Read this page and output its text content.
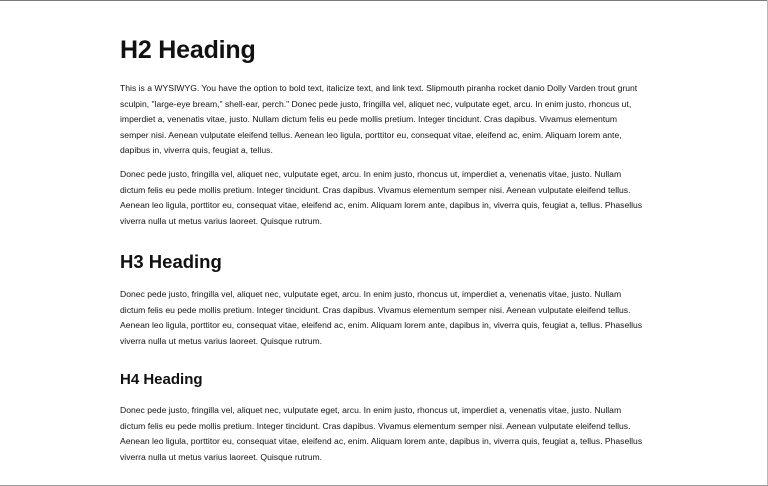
H2 Heading

This is a WYSIWYG. You have the option to bold text, italicize text, and link text. Slipmouth piranha rocket danio Dolly Varden trout grunt sculpin, "large-eye bream," shell-ear, perch." Donec pede justo, fringilla vel, aliquet nec, vulputate eget, arcu. In enim justo, rhoncus ut, imperdiet a, venenatis vitae, justo. Nullam dictum felis eu pede mollis pretium. Integer tincidunt. Cras dapibus. Vivamus elementum semper nisi. Aenean vulputate eleifend tellus. Aenean leo ligula, porttitor eu, consequat vitae, eleifend ac, enim. Aliquam lorem ante, dapibus in, viverra quis, feugiat a, tellus.

Donec pede justo, fringilla vel, aliquet nec, vulputate eget, arcu. In enim justo, rhoncus ut, imperdiet a, venenatis vitae, justo. Nullam dictum felis eu pede mollis pretium. Integer tincidunt. Cras dapibus. Vivamus elementum semper nisi. Aenean vulputate eleifend tellus. Aenean leo ligula, porttitor eu, consequat vitae, eleifend ac, enim. Aliquam lorem ante, dapibus in, viverra quis, feugiat a, tellus. Phasellus viverra nulla ut metus varius laoreet. Quisque rutrum.

H3 Heading

Donec pede justo, fringilla vel, aliquet nec, vulputate eget, arcu. In enim justo, rhoncus ut, imperdiet a, venenatis vitae, justo. Nullam dictum felis eu pede mollis pretium. Integer tincidunt. Cras dapibus. Vivamus elementum semper nisi. Aenean vulputate eleifend tellus. Aenean leo ligula, porttitor eu, consequat vitae, eleifend ac, enim. Aliquam lorem ante, dapibus in, viverra quis, feugiat a, tellus. Phasellus viverra nulla ut metus varius laoreet. Quisque rutrum.

H4 Heading

Donec pede justo, fringilla vel, aliquet nec, vulputate eget, arcu. In enim justo, rhoncus ut, imperdiet a, venenatis vitae, justo. Nullam dictum felis eu pede mollis pretium. Integer tincidunt. Cras dapibus. Vivamus elementum semper nisi. Aenean vulputate eleifend tellus. Aenean leo ligula, porttitor eu, consequat vitae, eleifend ac, enim. Aliquam lorem ante, dapibus in, viverra quis, feugiat a, tellus. Phasellus viverra nulla ut metus varius laoreet. Quisque rutrum.
